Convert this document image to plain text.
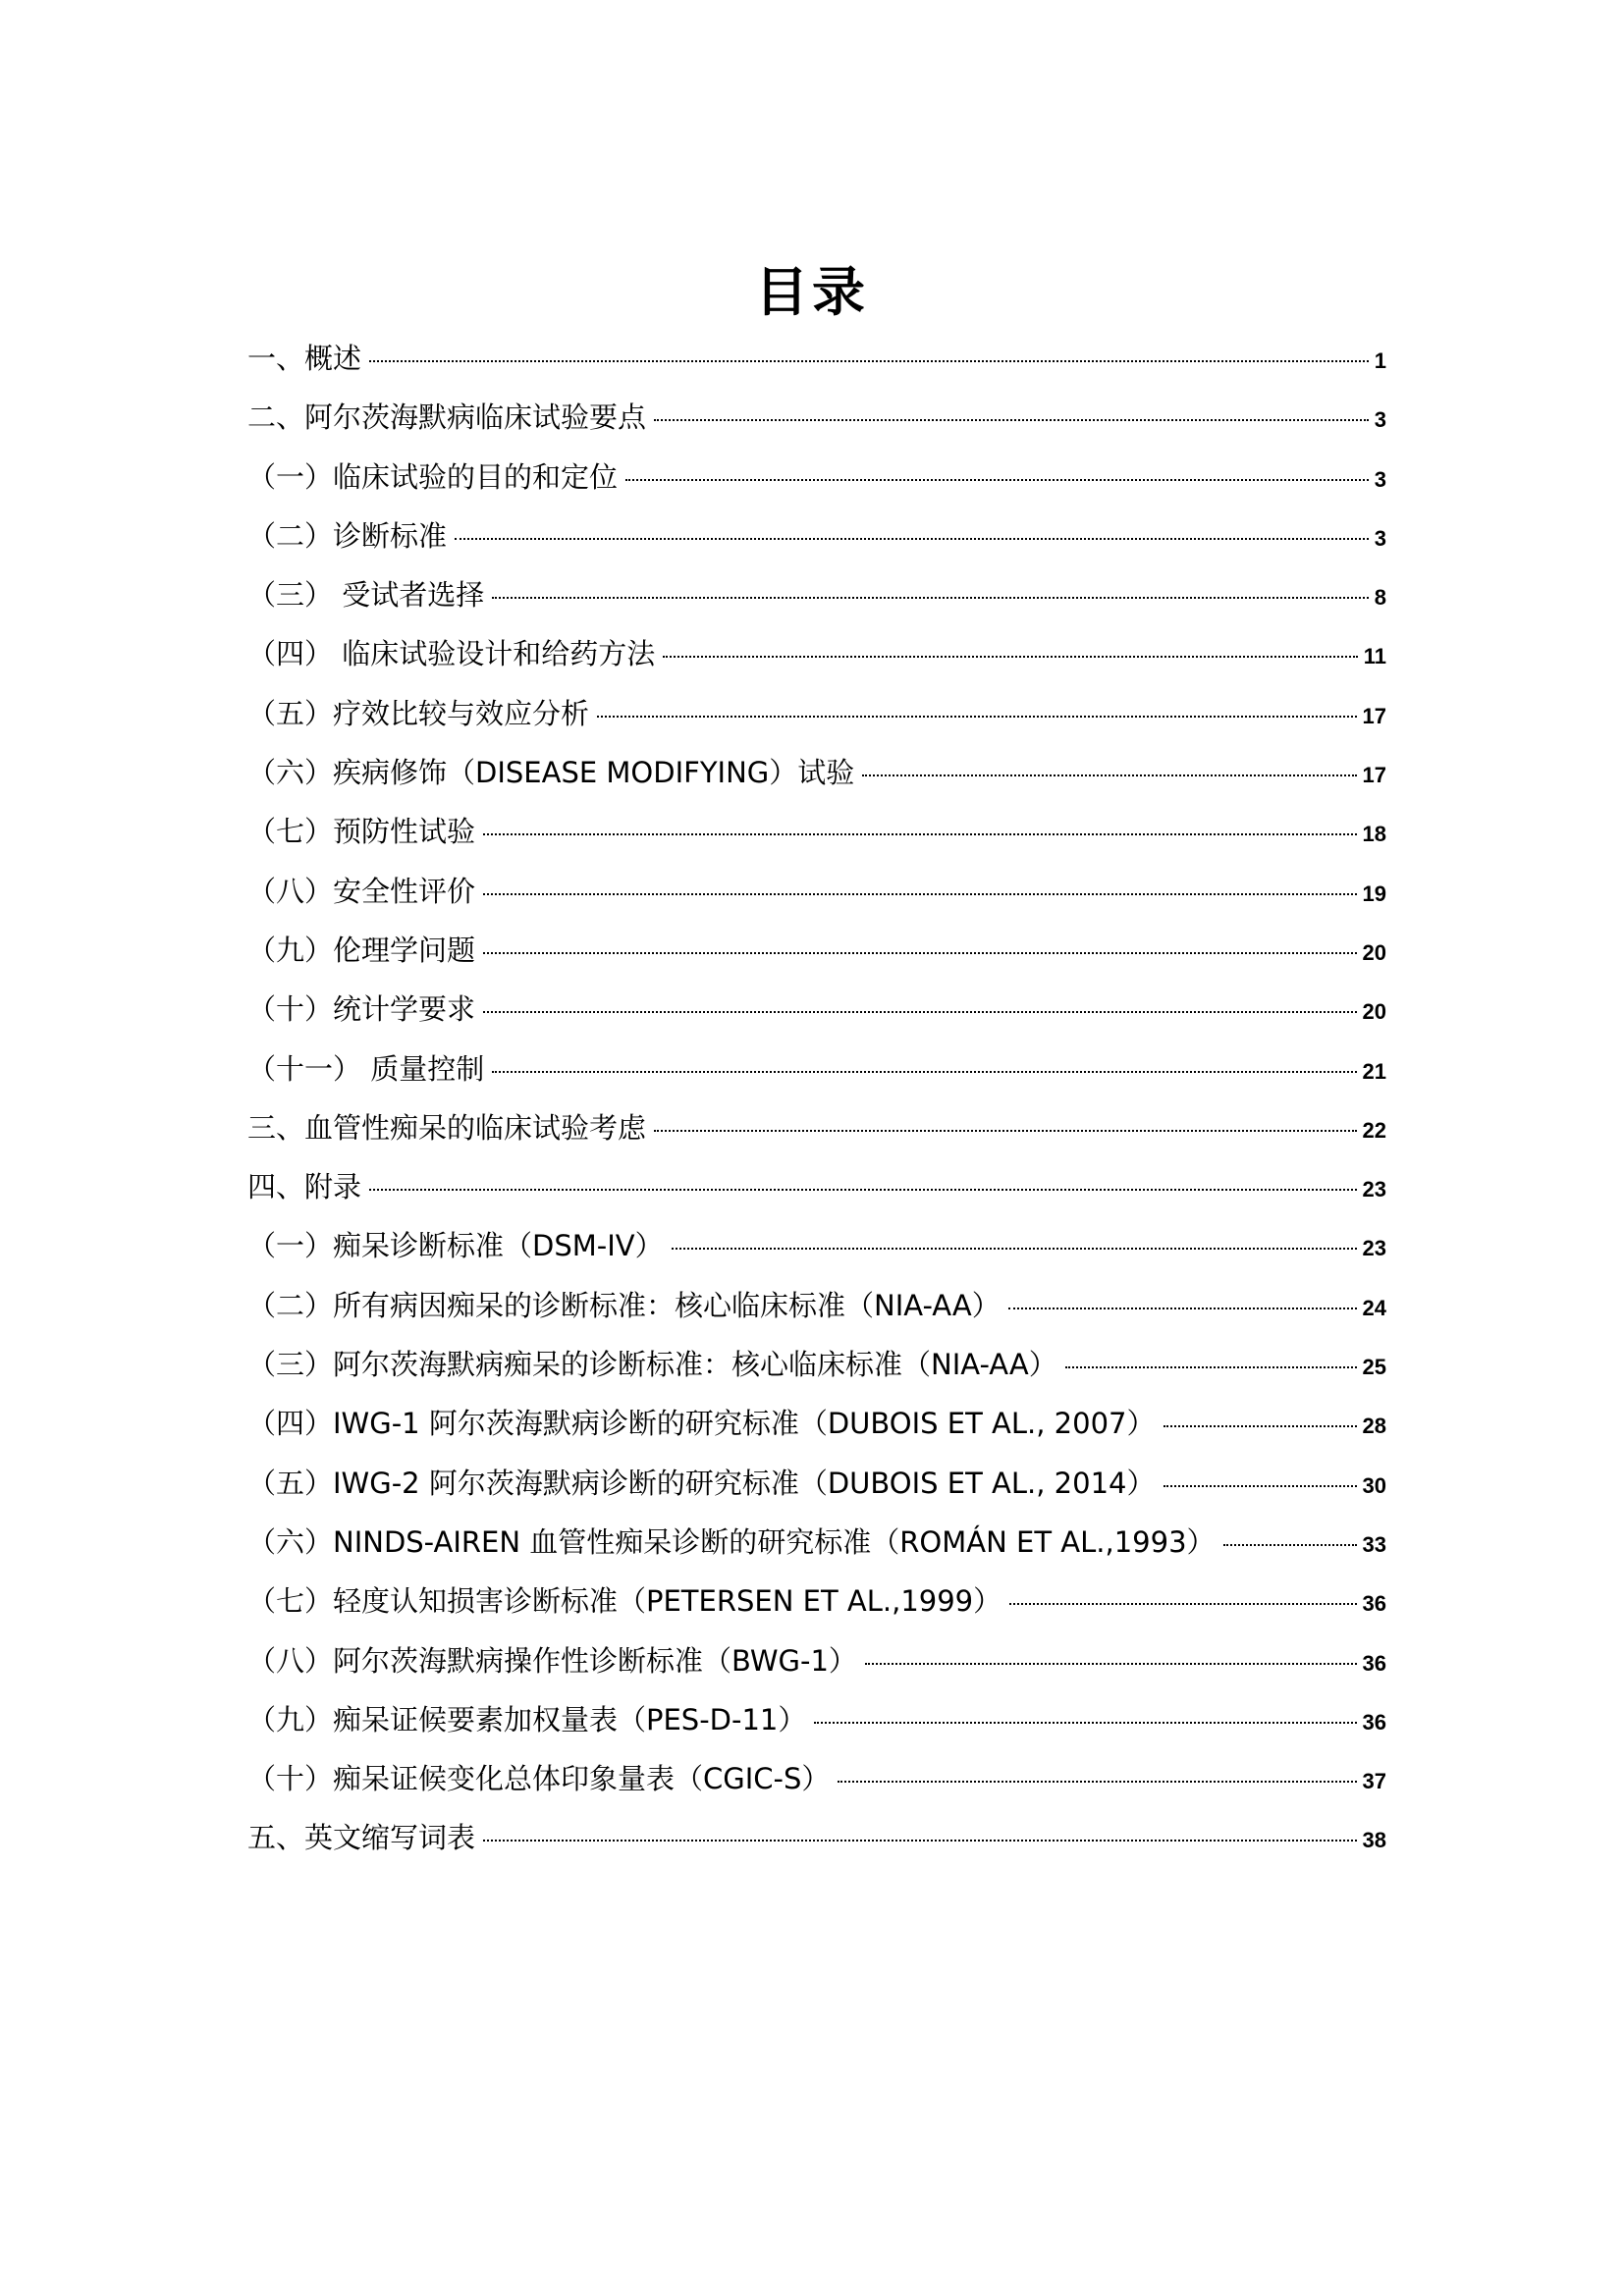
目录
一、概述	1
二、阿尔茨海默病临床试验要点	3
（一）临床试验的目的和定位	3
（二）诊断标准	3
（三） 受试者选择	8
（四） 临床试验设计和给药方法	11
（五）疗效比较与效应分析	17
（六）疾病修饰（DISEASE MODIFYING）试验	17
（七）预防性试验	18
（八）安全性评价	19
（九）伦理学问题	20
（十）统计学要求	20
（十一） 质量控制	21
三、血管性痴呆的临床试验考虑	22
四、附录	23
（一）痴呆诊断标准（DSM-IV）	23
（二）所有病因痴呆的诊断标准：核心临床标准（NIA-AA）	24
（三）阿尔茨海默病痴呆的诊断标准：核心临床标准（NIA-AA）	25
（四）IWG-1 阿尔茨海默病诊断的研究标准（DUBOIS ET AL., 2007）	28
（五）IWG-2 阿尔茨海默病诊断的研究标准（DUBOIS ET AL., 2014）	30
（六）NINDS-AIREN 血管性痴呆诊断的研究标准（ROMÁN ET AL.,1993）	33
（七）轻度认知损害诊断标准（PETERSEN ET AL.,1999）	36
（八）阿尔茨海默病操作性诊断标准（BWG-1）	36
（九）痴呆证候要素加权量表（PES-D-11）	36
（十）痴呆证候变化总体印象量表（CGIC-S）	37
五、英文缩写词表	38
